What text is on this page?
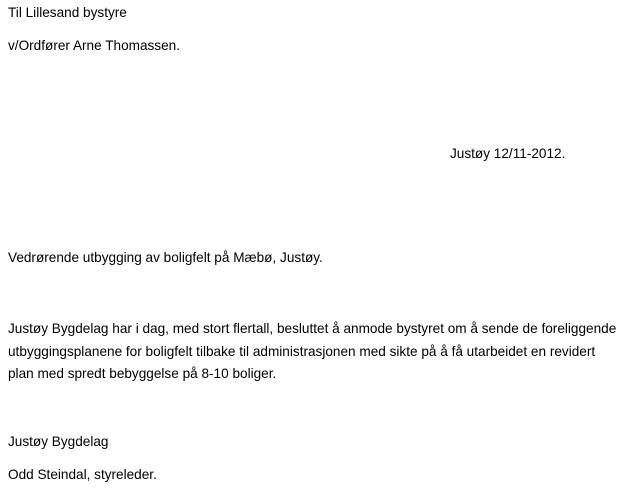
Til Lillesand bystyre
v/Ordfører Arne Thomassen.
Justøy 12/11-2012.
Vedrørende utbygging av boligfelt på Mæbø, Justøy.
Justøy Bygdelag har i dag, med stort flertall, besluttet å anmode bystyret om å sende de foreliggende
utbyggingsplanene for boligfelt tilbake til administrasjonen med sikte på å få utarbeidet en revidert
plan med spredt bebyggelse på 8-10 boliger.
Justøy Bygdelag
Odd Steindal, styreleder.
